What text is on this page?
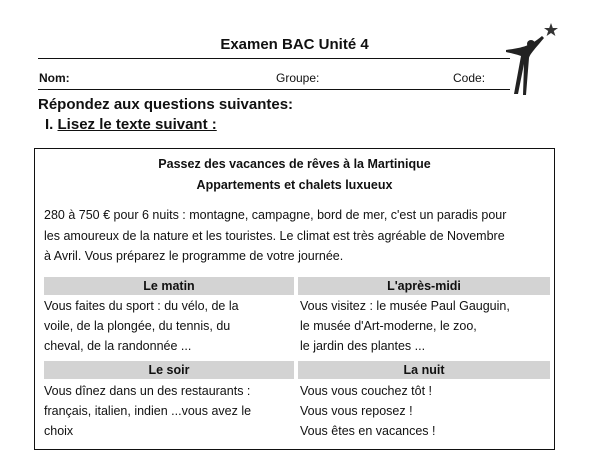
Examen BAC Unité 4
Nom:	Groupe:	Code:
Répondez aux questions suivantes:
I. Lisez le texte suivant :
Passez des vacances de rêves à la Martinique
Appartements et chalets luxueux
280 à 750 € pour 6 nuits : montagne, campagne, bord de mer, c'est un paradis pour
les amoureux de la nature et les touristes. Le climat est très agréable de Novembre
à Avril. Vous préparez le programme de votre journée.
Le matin	L'après-midi
Vous faites du sport : du vélo, de la
voile, de la plongée, du tennis, du
cheval, de la randonnée ...
Vous visitez : le musée Paul Gauguin,
le musée d'Art-moderne, le zoo,
le jardin des plantes ...
Le soir	La nuit
Vous dînez dans un des restaurants :
français, italien, indien ...vous avez le
choix
Vous vous couchez tôt !
Vous vous reposez !
Vous êtes en vacances !
